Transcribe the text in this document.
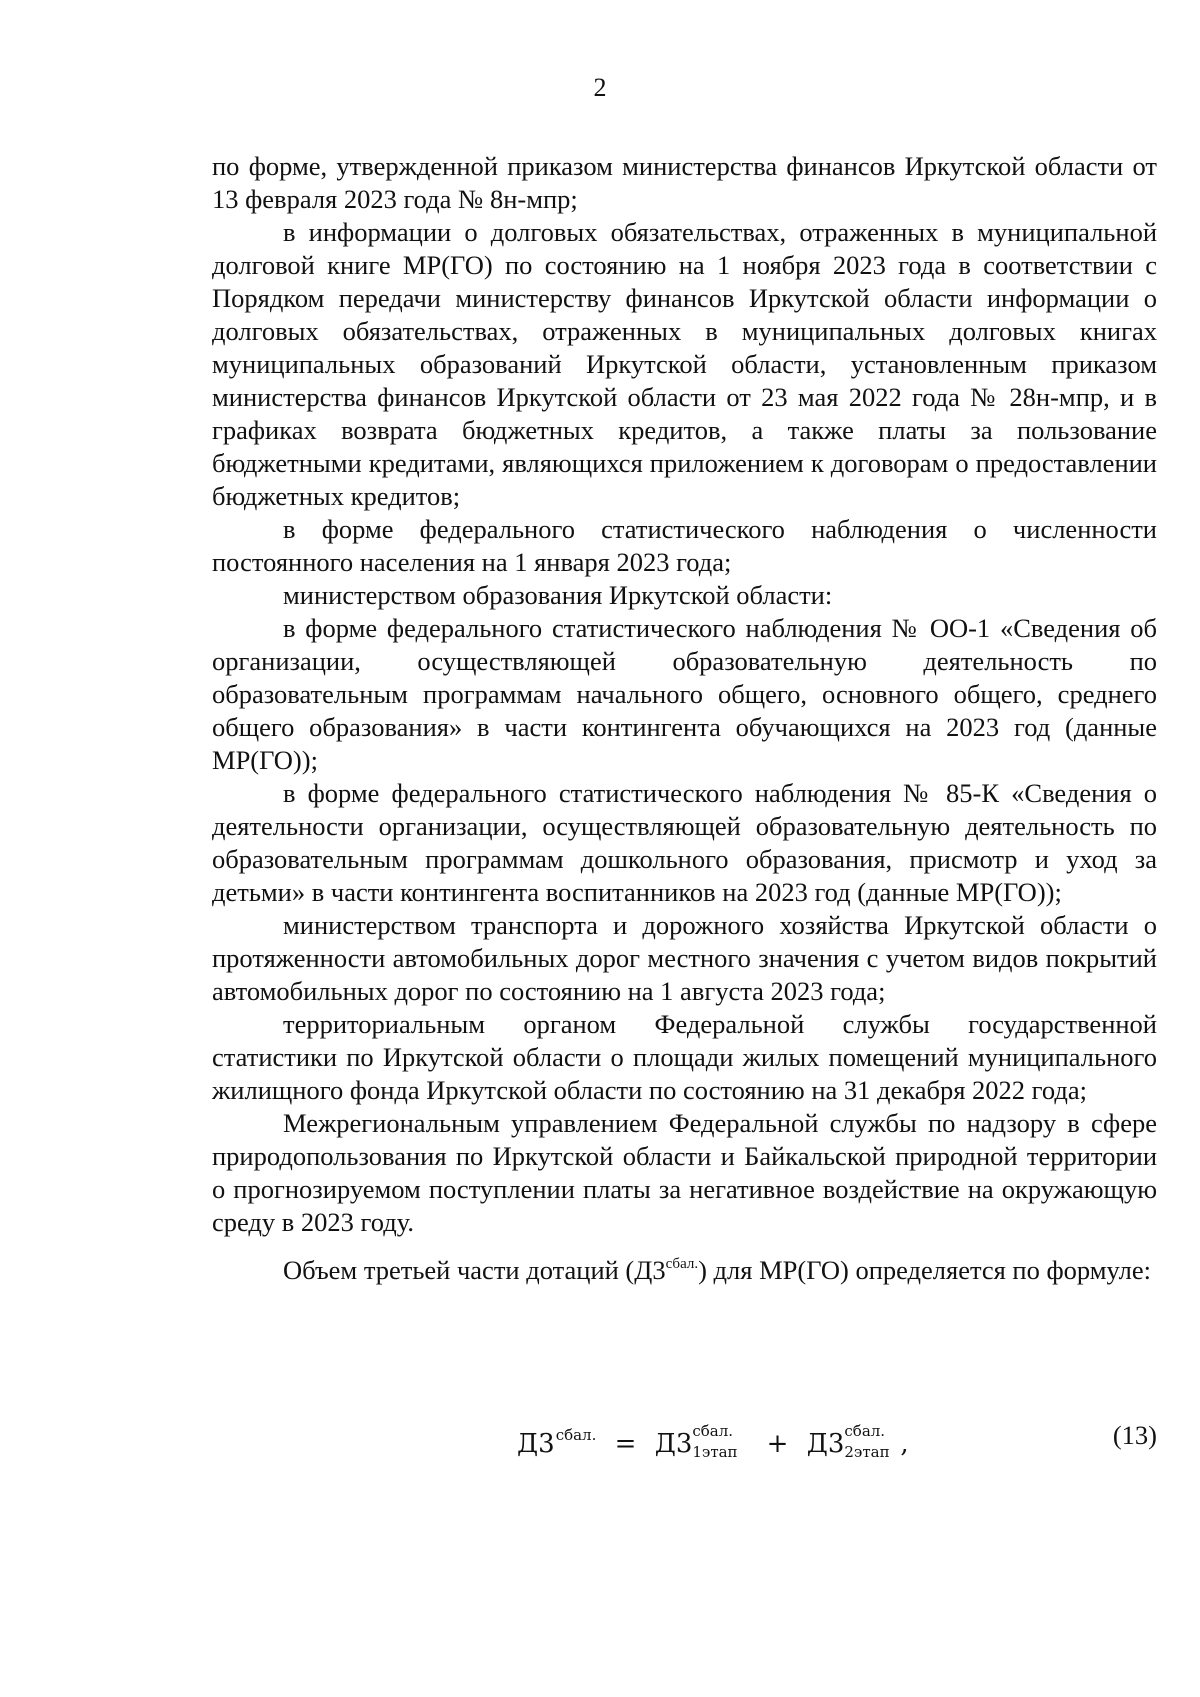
2

по форме, утвержденной приказом министерства финансов Иркутской области от 13 февраля 2023 года № 8н-мпр;

в информации о долговых обязательствах, отраженных в муниципальной долговой книге МР(ГО) по состоянию на 1 ноября 2023 года в соответствии с Порядком передачи министерству финансов Иркутской области информации о долговых обязательствах, отраженных в муниципальных долговых книгах муниципальных образований Иркутской области, установленным приказом министерства финансов Иркутской области от 23 мая 2022 года № 28н-мпр, и в графиках возврата бюджетных кредитов, а также платы за пользование бюджетными кредитами, являющихся приложением к договорам о предоставлении бюджетных кредитов;

в форме федерального статистического наблюдения о численности постоянного населения на 1 января 2023 года;

министерством образования Иркутской области:

в форме федерального статистического наблюдения № ОО-1 «Сведения об организации, осуществляющей образовательную деятельность по образовательным программам начального общего, основного общего, среднего общего образования» в части контингента обучающихся на 2023 год (данные МР(ГО));

в форме федерального статистического наблюдения № 85-К «Сведения о деятельности организации, осуществляющей образовательную деятельность по образовательным программам дошкольного образования, присмотр и уход за детьми» в части контингента воспитанников на 2023 год (данные МР(ГО));

министерством транспорта и дорожного хозяйства Иркутской области о протяженности автомобильных дорог местного значения с учетом видов покрытий автомобильных дорог по состоянию на 1 августа 2023 года;

территориальным органом Федеральной службы государственной статистики по Иркутской области о площади жилых помещений муниципального жилищного фонда Иркутской области по состоянию на 31 декабря 2022 года;

Межрегиональным управлением Федеральной службы по надзору в сфере природопользования по Иркутской области и Байкальской природной территории о прогнозируемом поступлении платы за негативное воздействие на окружающую среду в 2023 году.

Объем третьей части дотаций $(Д3^{сбал.})$ для МР(ГО) определяется по формуле:

Д3сбал. = Д3 сбал.
1этап + Д3 сбал.
2этап ,	(13)
